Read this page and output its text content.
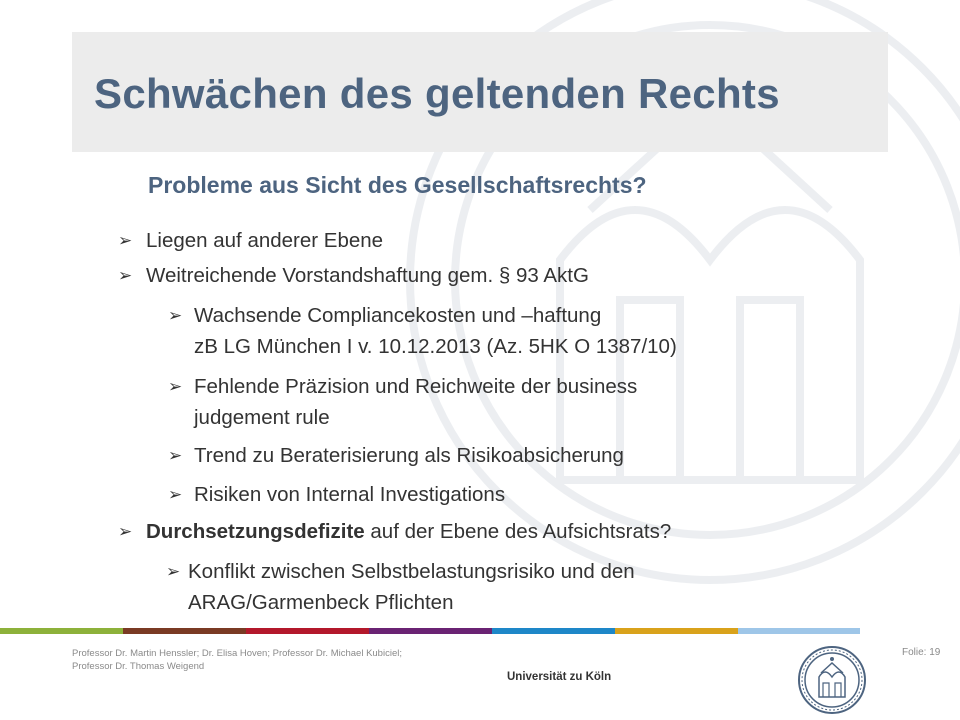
Schwächen des geltenden Rechts
Probleme aus Sicht des Gesellschaftsrechts?
➢ Liegen auf anderer Ebene
➢ Weitreichende Vorstandshaftung gem. § 93 AktG
➢ Wachsende Compliancekosten und –haftung
zB LG München I v. 10.12.2013 (Az. 5HK O 1387/10)
➢ Fehlende Präzision und Reichweite der business
judgement rule
➢ Trend zu Beraterisierung als Risikoabsicherung
➢ Risiken von Internal Investigations
➢ Durchsetzungsdefizite auf der Ebene des Aufsichtsrats?
➢ Konflikt zwischen Selbstbelastungsrisiko und den
ARAG/Garmenbeck Pflichten
Professor Dr. Martin Henssler; Dr. Elisa Hoven; Professor Dr. Michael Kubiciel;
Professor Dr. Thomas Weigend
Universität zu Köln
Folie: 19
